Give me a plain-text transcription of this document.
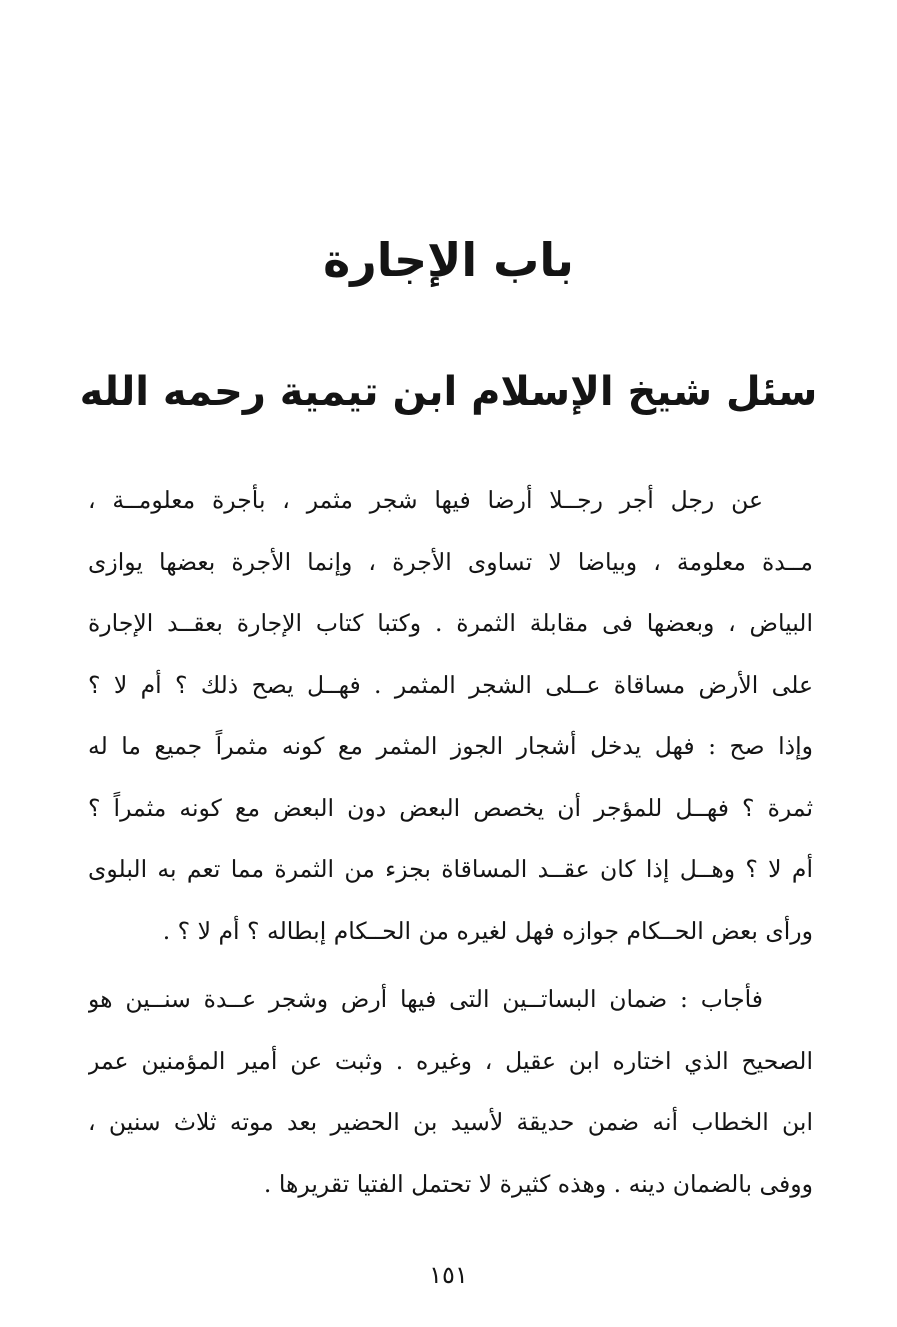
باب الإجارة
سئل شيخ الإسلام ابن تيمية رحمه الله
عن رجل أجر رجــلا أرضا فيها شجر مثمر ، بأجرة معلومــة ،
مــدة معلومة ، وبياضا لا تساوى الأجرة ، وإنما الأجرة بعضها يوازى
البياض ، وبعضها فى مقابلة الثمرة . وكتبا كتاب الإجارة بعقــد الإجارة
على الأرض مساقاة عــلى الشجر المثمر . فهــل يصح ذلك ؟ أم لا ؟
وإذا صح : فهل يدخل أشجار الجوز المثمر مع كونه مثمراً جميع ما له
ثمرة ؟ فهــل للمؤجر أن يخصص البعض دون البعض مع كونه مثمراً ؟
أم لا ؟ وهــل إذا كان عقــد المساقاة بجزء من الثمرة مما تعم به البلوى
ورأى بعض الحــكام جوازه فهل لغيره من الحــكام إبطاله ؟ أم لا ؟ .
فأجاب : ضمان البساتــين التى فيها أرض وشجر عــدة سنــين هو
الصحيح الذي اختاره ابن عقيل ، وغيره . وثبت عن أمير المؤمنين عمر
ابن الخطاب أنه ضمن حديقة لأسيد بن الحضير بعد موته ثلاث سنين ،
ووفى بالضمان دينه . وهذه كثيرة لا تحتمل الفتيا تقريرها .
١٥١
